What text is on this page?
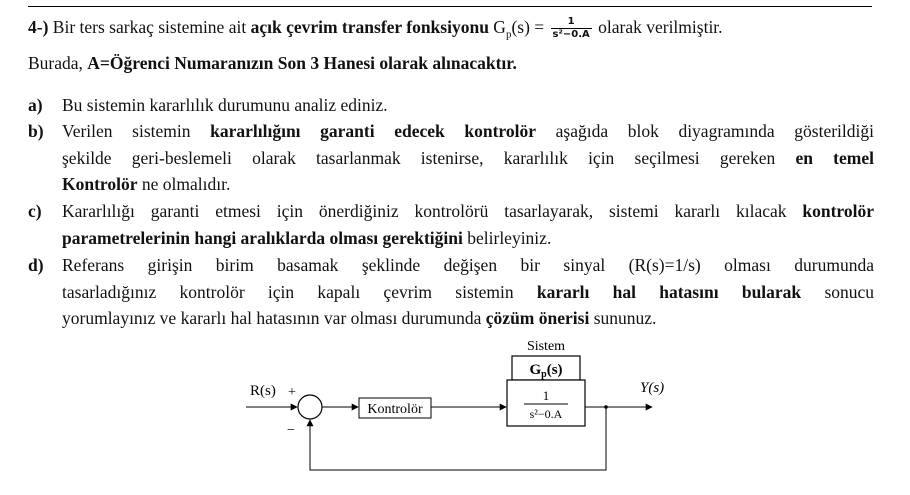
4-) Bir ters sarkaç sistemine ait açık çevrim transfer fonksiyonu $G_p(s) = \frac{1}{\text{s²−0.A}}$ olarak verilmiştir.
Burada, A=Öğrenci Numaranızın Son 3 Hanesi olarak alınacaktır.
a) Bu sistemin kararlılık durumunu analiz ediniz.
b) Verilen sistemin kararlılığını garanti edecek kontrolör aşağıda blok diyagramında gösterildiği
şekilde geri-beslemeli olarak tasarlanmak istenirse, kararlılık için seçilmesi gereken en temel
Kontrolör ne olmalıdır.
c) Kararlılığı garanti etmesi için önerdiğiniz kontrolörü tasarlayarak, sistemi kararlı kılacak kontrolör
parametrelerinin hangi aralıklarda olması gerektiğini belirleyiniz.
d) Referans girişin birim basamak şeklinde değişen bir sinyal (R(s)=1/s) olması durumunda
tasarladığınız kontrolör için kapalı çevrim sistemin kararlı hal hatasını bularak sonucu
yorumlayınız ve kararlı hal hatasının var olması durumunda çözüm önerisi sununuz.
Sistem
$G_p(s)$
1
s²−0.A
R(s) +
−
Kontrolör
Y(s)
